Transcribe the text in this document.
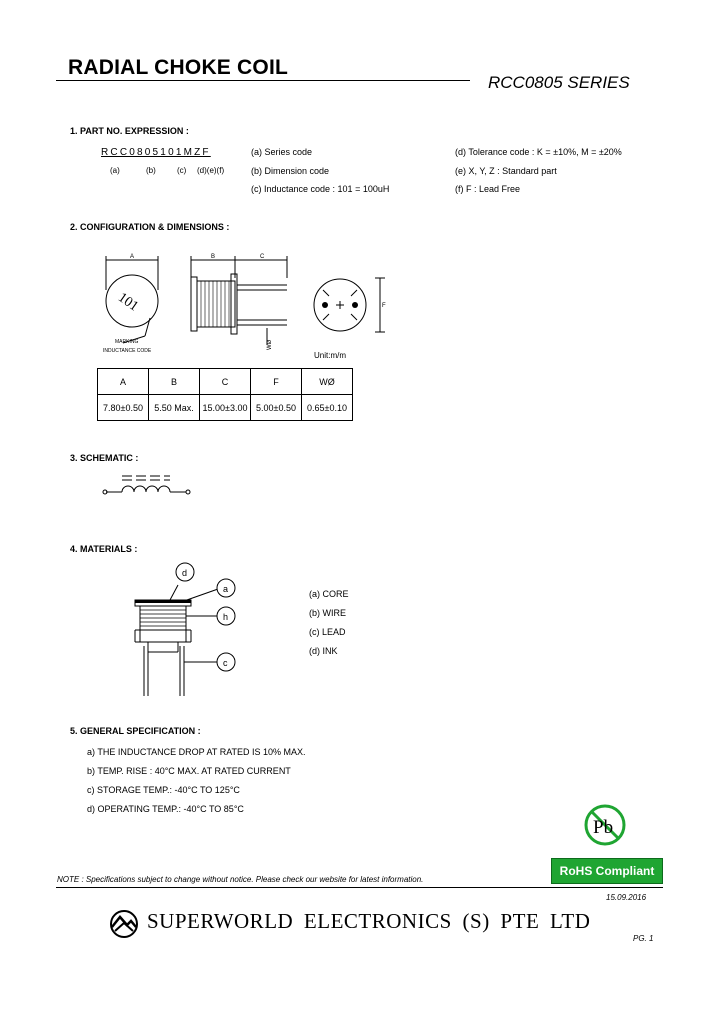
RADIAL CHOKE COIL
RCC0805 SERIES
1. PART NO. EXPRESSION :
RCC0805101MZF
(a)	(b)	(c) (d)(e)(f)
(a) Series code
(b) Dimension code
(c) Inductance code : 101 = 100uH
(d) Tolerance code : K = ±10%, M = ±20%
(e) X, Y, Z : Standard part
(f) F : Lead Free
2. CONFIGURATION & DIMENSIONS :
A
101
MARKING
INDUCTANCE CODE
B	C
WØ
F
Unit:m/m
A	B	C	F	WØ
7.80±0.50	5.50 Max.	15.00±3.00	5.00±0.50	0.65±0.10
3. SCHEMATIC :
4. MATERIALS :
d
a
h
c
(a) CORE
(b) WIRE
(c) LEAD
(d) INK
5. GENERAL SPECIFICATION :
a) THE INDUCTANCE DROP AT RATED IS 10% MAX.
b) TEMP. RISE : 40°C MAX. AT RATED CURRENT
c) STORAGE TEMP.: -40°C TO 125°C
d) OPERATING TEMP.: -40°C TO 85°C
Pb
RoHS Compliant
NOTE : Specifications subject to change without notice. Please check our website for latest information.
15.09.2016
SUPERWORLD ELECTRONICS (S) PTE LTD
PG. 1
